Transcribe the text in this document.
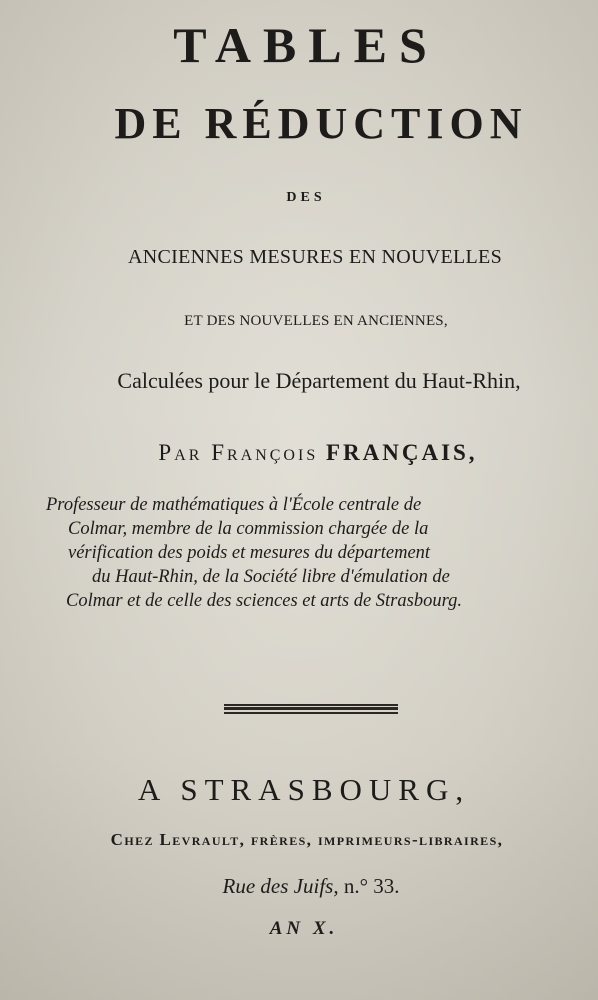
TABLES
DE RÉDUCTION
DES
ANCIENNES MESURES EN NOUVELLES
ET DES NOUVELLES EN ANCIENNES,
Calculées pour le Département du Haut-Rhin,
Par François FRANÇAIS,
Professeur de mathématiques à l'École centrale de
Colmar, membre de la commission chargée de la
vérification des poids et mesures du département
du Haut-Rhin, de la Société libre d'émulation de
Colmar et de celle des sciences et arts de Strasbourg.
A STRASBOURG,
Chez Levrault, frères, imprimeurs-libraires,
Rue des Juifs, n.° 33.
AN X.
